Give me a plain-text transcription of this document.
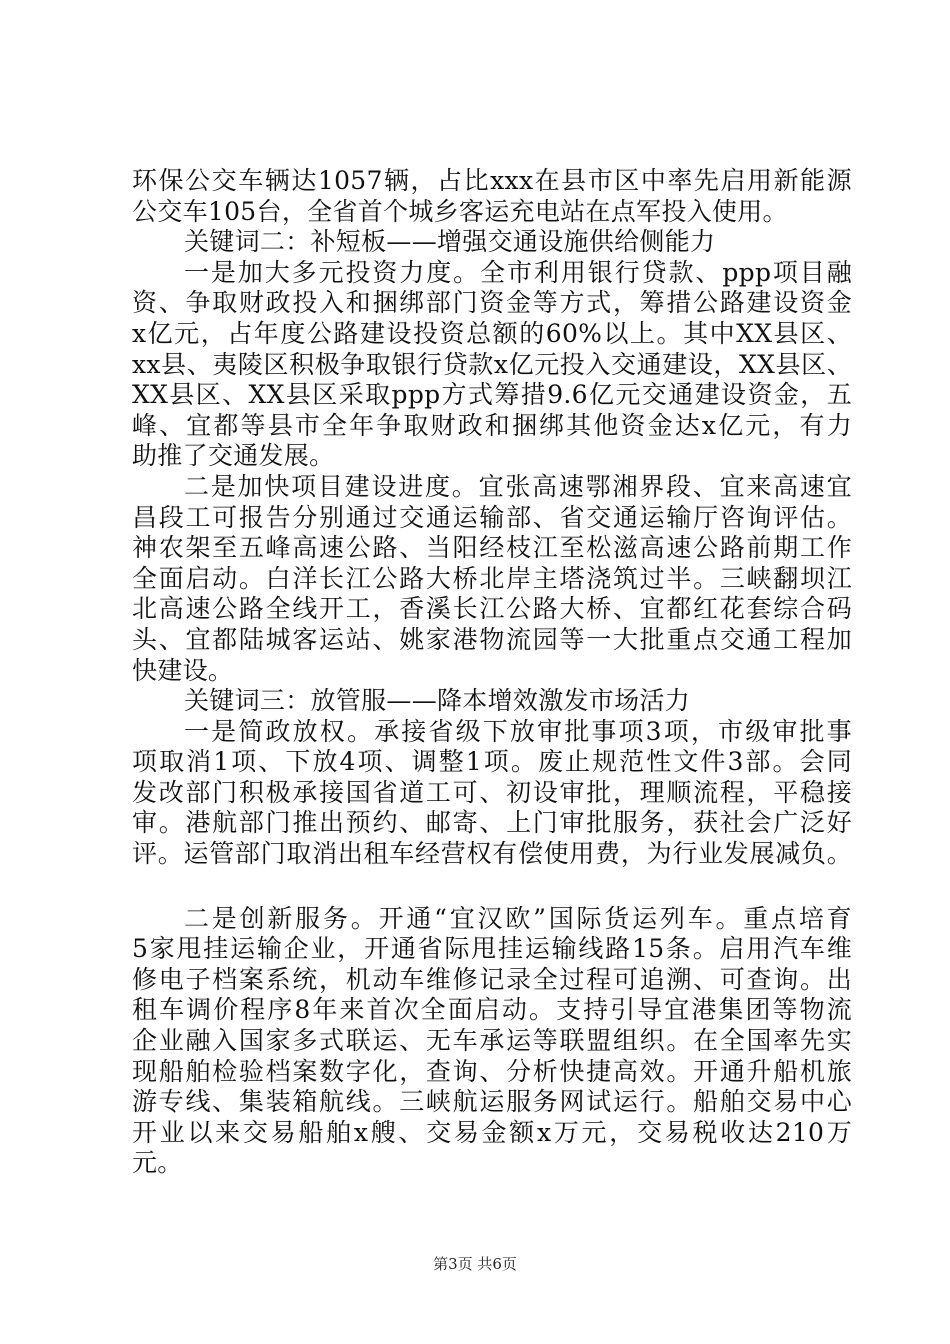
环保公交车辆达1057辆，占比xxx在县市区中率先启用新能源
公交车105台，全省首个城乡客运充电站在点军投入使用。
关键词二：补短板——增强交通设施供给侧能力
一是加大多元投资力度。全市利用银行贷款、ppp项目融
资、争取财政投入和捆绑部门资金等方式，筹措公路建设资金
x亿元，占年度公路建设投资总额的60%以上。其中XX县区、
xx县、夷陵区积极争取银行贷款x亿元投入交通建设，XX县区、
XX县区、XX县区采取ppp方式筹措9.6亿元交通建设资金，五
峰、宜都等县市全年争取财政和捆绑其他资金达x亿元，有力
助推了交通发展。
二是加快项目建设进度。宜张高速鄂湘界段、宜来高速宜
昌段工可报告分别通过交通运输部、省交通运输厅咨询评估。
神农架至五峰高速公路、当阳经枝江至松滋高速公路前期工作
全面启动。白洋长江公路大桥北岸主塔浇筑过半。三峡翻坝江
北高速公路全线开工，香溪长江公路大桥、宜都红花套综合码
头、宜都陆城客运站、姚家港物流园等一大批重点交通工程加
快建设。
关键词三：放管服——降本增效激发市场活力
一是简政放权。承接省级下放审批事项3项，市级审批事
项取消1项、下放4项、调整1项。废止规范性文件3部。会同
发改部门积极承接国省道工可、初设审批，理顺流程，平稳接
审。港航部门推出预约、邮寄、上门审批服务，获社会广泛好
评。运管部门取消出租车经营权有偿使用费，为行业发展减负。
二是创新服务。开通“宜汉欧”国际货运列车。重点培育
5家甩挂运输企业，开通省际甩挂运输线路15条。启用汽车维
修电子档案系统，机动车维修记录全过程可追溯、可查询。出
租车调价程序8年来首次全面启动。支持引导宜港集团等物流
企业融入国家多式联运、无车承运等联盟组织。在全国率先实
现船舶检验档案数字化，查询、分析快捷高效。开通升船机旅
游专线、集装箱航线。三峡航运服务网试运行。船舶交易中心
开业以来交易船舶x艘、交易金额x万元，交易税收达210万
元。
第3页 共6页
